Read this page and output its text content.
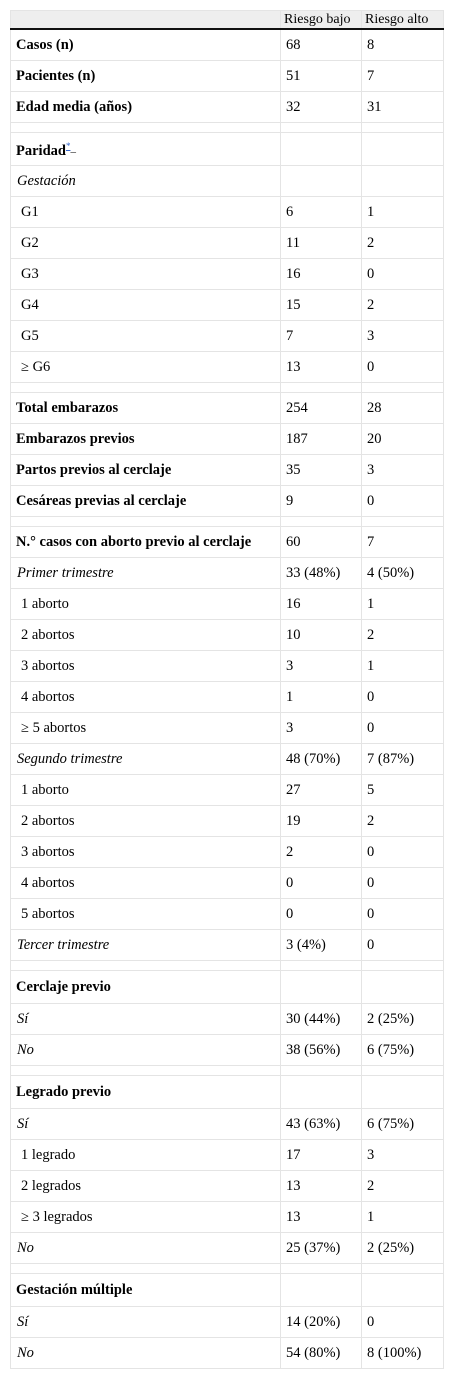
	Riesgo bajo	Riesgo alto
Casos (n)	68	8
Pacientes (n)	51	7
Edad media (años)	32	31

Paridad*–		
Gestación		
G1	6	1
G2	11	2
G3	16	0
G4	15	2
G5	7	3
≥ G6	13	0

Total embarazos	254	28
Embarazos previos	187	20
Partos previos al cerclaje	35	3
Cesáreas previas al cerclaje	9	0

N.° casos con aborto previo al cerclaje	60	7
Primer trimestre	33 (48%)	4 (50%)
1 aborto	16	1
2 abortos	10	2
3 abortos	3	1
4 abortos	1	0
≥ 5 abortos	3	0
Segundo trimestre	48 (70%)	7 (87%)
1 aborto	27	5
2 abortos	19	2
3 abortos	2	0
4 abortos	0	0
5 abortos	0	0
Tercer trimestre	3 (4%)	0

Cerclaje previo		
Sí	30 (44%)	2 (25%)
No	38 (56%)	6 (75%)

Legrado previo		
Sí	43 (63%)	6 (75%)
1 legrado	17	3
2 legrados	13	2
≥ 3 legrados	13	1
No	25 (37%)	2 (25%)

Gestación múltiple		
Sí	14 (20%)	0
No	54 (80%)	8 (100%)
